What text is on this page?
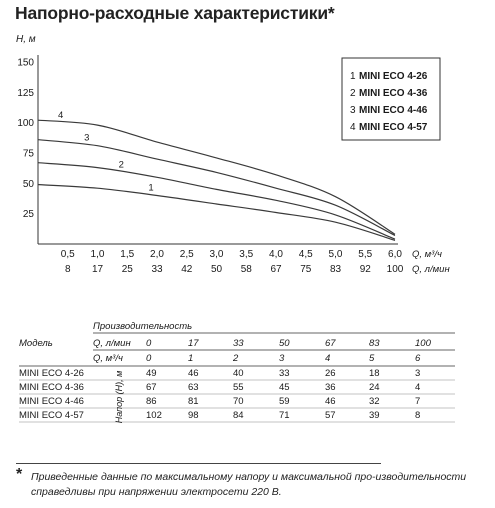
Напорно-расходные характеристики*
H, м
25
50
75
100
125
150
0,5 1,0 1,5 2,0 2,5 3,0 3,5 4,0 4,5 5,0 5,5 6,0
8 17 25 33 42 50 58 67 75 83 92 100
Q, м³/ч
Q, л/мин
1
2
3
4
1 MINI ECO 4-26
2 MINI ECO 4-36
3 MINI ECO 4-46
4 MINI ECO 4-57
Производительность
Модель	Q, л/мин 0	17	33	50	67	83	100
Q, м³/ч 0	1	2	3	4	5	6
MINI ECO 4-26	49	46	40	33	26	18	3
MINI ECO 4-36	67	63	55	45	36	24	4
MINI ECO 4-46	86	81	70	59	46	32	7
MINI ECO 4-57	102	98	84	71	57	39	8
Напор (H), м
* Приведенные данные по максимальному напору и максимальной про-изводительности справедливы при напряжении электросети 220 В.
